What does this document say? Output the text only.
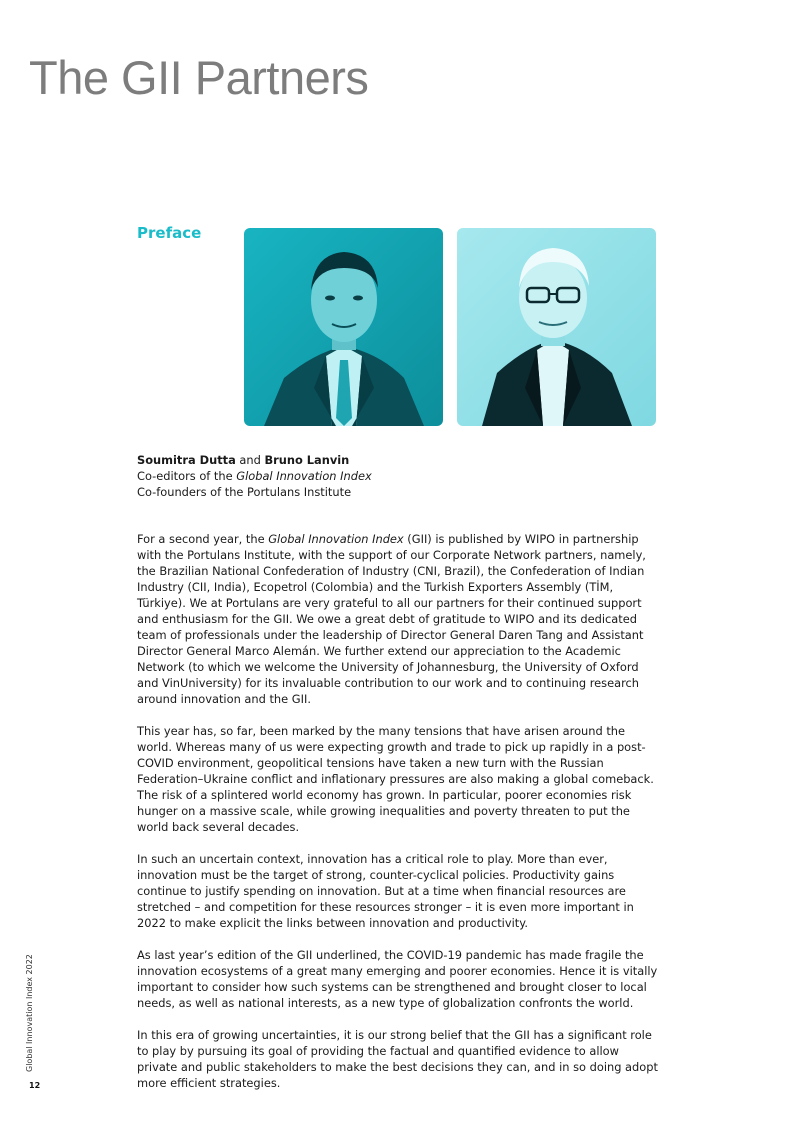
The GII Partners
Preface
Soumitra Dutta and Bruno Lanvin
Co-editors of the Global Innovation Index
Co-founders of the Portulans Institute

For a second year, the Global Innovation Index (GII) is published by WIPO in partnership with the Portulans Institute, with the support of our Corporate Network partners, namely, the Brazilian National Confederation of Industry (CNI, Brazil), the Confederation of Indian Industry (CII, India), Ecopetrol (Colombia) and the Turkish Exporters Assembly (TİM, Türkiye). We at Portulans are very grateful to all our partners for their continued support and enthusiasm for the GII. We owe a great debt of gratitude to WIPO and its dedicated team of professionals under the leadership of Director General Daren Tang and Assistant Director General Marco Alemán. We further extend our appreciation to the Academic Network (to which we welcome the University of Johannesburg, the University of Oxford and VinUniversity) for its invaluable contribution to our work and to continuing research around innovation and the GII.

This year has, so far, been marked by the many tensions that have arisen around the world. Whereas many of us were expecting growth and trade to pick up rapidly in a post-COVID environment, geopolitical tensions have taken a new turn with the Russian Federation–Ukraine conflict and inflationary pressures are also making a global comeback. The risk of a splintered world economy has grown. In particular, poorer economies risk hunger on a massive scale, while growing inequalities and poverty threaten to put the world back several decades.

In such an uncertain context, innovation has a critical role to play. More than ever, innovation must be the target of strong, counter-cyclical policies. Productivity gains continue to justify spending on innovation. But at a time when financial resources are stretched – and competition for these resources stronger – it is even more important in 2022 to make explicit the links between innovation and productivity.

As last year’s edition of the GII underlined, the COVID-19 pandemic has made fragile the innovation ecosystems of a great many emerging and poorer economies. Hence it is vitally important to consider how such systems can be strengthened and brought closer to local needs, as well as national interests, as a new type of globalization confronts the world.

In this era of growing uncertainties, it is our strong belief that the GII has a significant role to play by pursuing its goal of providing the factual and quantified evidence to allow private and public stakeholders to make the best decisions they can, and in so doing adopt more efficient strategies.

Global Innovation Index 2022
12
